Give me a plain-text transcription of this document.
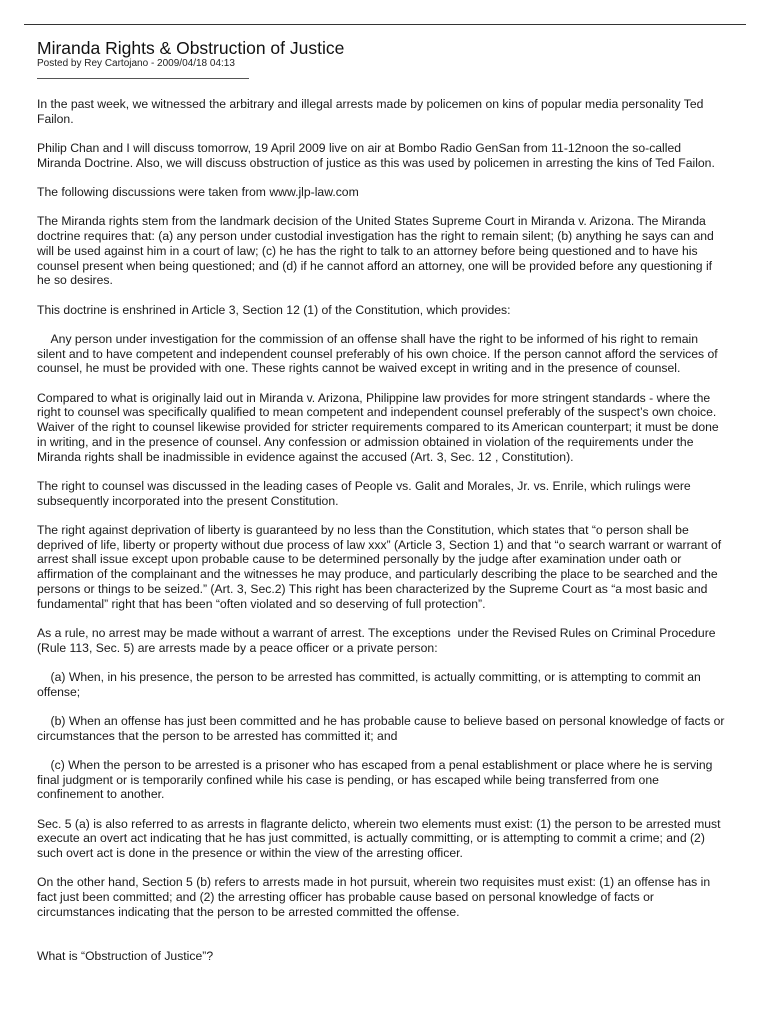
Miranda Rights & Obstruction of Justice

Posted by Rey Cartojano - 2009/04/18 04:13

In the past week, we witnessed the arbitrary and illegal arrests made by policemen on kins of popular media personality Ted Failon.

Philip Chan and I will discuss tomorrow, 19 April 2009 live on air at Bombo Radio GenSan from 11-12noon the so-called Miranda Doctrine. Also, we will discuss obstruction of justice as this was used by policemen in arresting the kins of Ted Failon.

The following discussions were taken from www.jlp-law.com

The Miranda rights stem from the landmark decision of the United States Supreme Court in Miranda v. Arizona. The Miranda doctrine requires that: (a) any person under custodial investigation has the right to remain silent; (b) anything he says can and will be used against him in a court of law; (c) he has the right to talk to an attorney before being questioned and to have his counsel present when being questioned; and (d) if he cannot afford an attorney, one will be provided before any questioning if he so desires.

This doctrine is enshrined in Article 3, Section 12 (1) of the Constitution, which provides:

Any person under investigation for the commission of an offense shall have the right to be informed of his right to remain silent and to have competent and independent counsel preferably of his own choice. If the person cannot afford the services of counsel, he must be provided with one. These rights cannot be waived except in writing and in the presence of counsel.

Compared to what is originally laid out in Miranda v. Arizona, Philippine law provides for more stringent standards - where the right to counsel was specifically qualified to mean competent and independent counsel preferably of the suspect’s own choice. Waiver of the right to counsel likewise provided for stricter requirements compared to its American counterpart; it must be done in writing, and in the presence of counsel. Any confession or admission obtained in violation of the requirements under the Miranda rights shall be inadmissible in evidence against the accused (Art. 3, Sec. 12 , Constitution).

The right to counsel was discussed in the leading cases of People vs. Galit and Morales, Jr. vs. Enrile, which rulings were subsequently incorporated into the present Constitution.

The right against deprivation of liberty is guaranteed by no less than the Constitution, which states that “o person shall be deprived of life, liberty or property without due process of law xxx” (Article 3, Section 1) and that “o search warrant or warrant of arrest shall issue except upon probable cause to be determined personally by the judge after examination under oath or affirmation of the complainant and the witnesses he may produce, and particularly describing the place to be searched and the persons or things to be seized.” (Art. 3, Sec.2) This right has been characterized by the Supreme Court as “a most basic and fundamental” right that has been “often violated and so deserving of full protection”.

As a rule, no arrest may be made without a warrant of arrest. The exceptions  under the Revised Rules on Criminal Procedure (Rule 113, Sec. 5) are arrests made by a peace officer or a private person:

(a) When, in his presence, the person to be arrested has committed, is actually committing, or is attempting to commit an offense;

(b) When an offense has just been committed and he has probable cause to believe based on personal knowledge of facts or circumstances that the person to be arrested has committed it; and

(c) When the person to be arrested is a prisoner who has escaped from a penal establishment or place where he is serving final judgment or is temporarily confined while his case is pending, or has escaped while being transferred from one confinement to another.

Sec. 5 (a) is also referred to as arrests in flagrante delicto, wherein two elements must exist: (1) the person to be arrested must execute an overt act indicating that he has just committed, is actually committing, or is attempting to commit a crime; and (2) such overt act is done in the presence or within the view of the arresting officer.

On the other hand, Section 5 (b) refers to arrests made in hot pursuit, wherein two requisites must exist: (1) an offense has in fact just been committed; and (2) the arresting officer has probable cause based on personal knowledge of facts or circumstances indicating that the person to be arrested committed the offense.

What is “Obstruction of Justice”?
